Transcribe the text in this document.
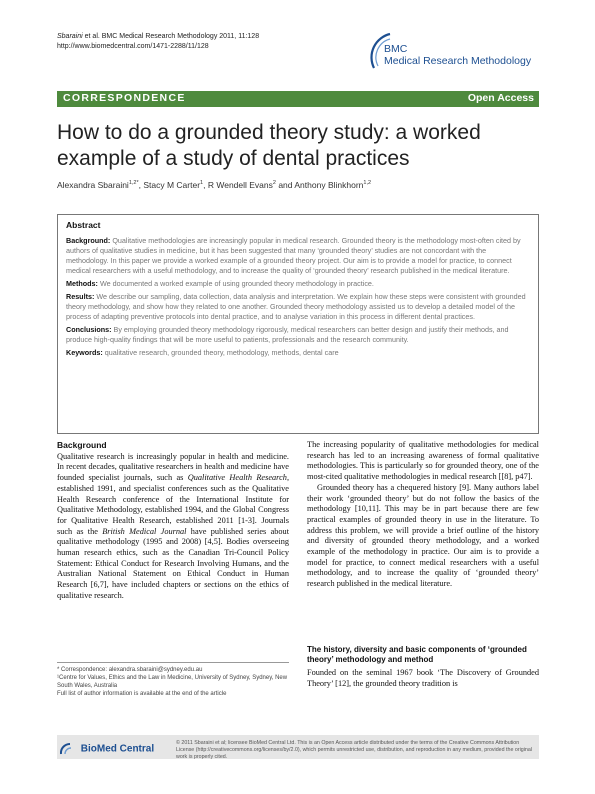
Sbaraini et al. BMC Medical Research Methodology 2011, 11:128
http://www.biomedcentral.com/1471-2288/11/128	BMC
Medical Research Methodology
CORRESPONDENCE	Open Access
How to do a grounded theory study: a worked example of a study of dental practices
Alexandra Sbaraini$^{1,2*}$, Stacy M Carter$^1$, R Wendell Evans$^2$ and Anthony Blinkhorn$^{1,2}$
Abstract

Background: Qualitative methodologies are increasingly popular in medical research. Grounded theory is the methodology most-often cited by authors of qualitative studies in medicine, but it has been suggested that many ‘grounded theory’ studies are not concordant with the methodology. In this paper we provide a worked example of a grounded theory project. Our aim is to provide a model for practice, to connect medical researchers with a useful methodology, and to increase the quality of ‘grounded theory’ research published in the medical literature.

Methods: We documented a worked example of using grounded theory methodology in practice.

Results: We describe our sampling, data collection, data analysis and interpretation. We explain how these steps were consistent with grounded theory methodology, and show how they related to one another. Grounded theory methodology assisted us to develop a detailed model of the process of adapting preventive protocols into dental practice, and to analyse variation in this process in different dental practices.

Conclusions: By employing grounded theory methodology rigorously, medical researchers can better design and justify their methods, and produce high-quality findings that will be more useful to patients, professionals and the research community.

Keywords: qualitative research, grounded theory, methodology, methods, dental care

Background

Qualitative research is increasingly popular in health and medicine. In recent decades, qualitative researchers in health and medicine have founded specialist journals, such as Qualitative Health Research, established 1991, and specialist conferences such as the Qualitative Health Research conference of the International Institute for Qualitative Methodology, established 1994, and the Global Congress for Qualitative Health Research, established 2011 [1-3]. Journals such as the British Medical Journal have published series about qualitative methodology (1995 and 2008) [4,5]. Bodies overseeing human research ethics, such as the Canadian Tri-Council Policy Statement: Ethical Conduct for Research Involving Humans, and the Australian National Statement on Ethical Conduct in Human Research [6,7], have included chapters or sections on the ethics of qualitative research.

The increasing popularity of qualitative methodologies for medical research has led to an increasing awareness of formal qualitative methodologies. This is particularly so for grounded theory, one of the most-cited qualitative methodologies in medical research [[8], p47].

Grounded theory has a chequered history [9]. Many authors label their work ‘grounded theory’ but do not follow the basics of the methodology [10,11]. This may be in part because there are few practical examples of grounded theory in use in the literature. To address this problem, we will provide a brief outline of the history and diversity of grounded theory methodology, and a worked example of the methodology in practice. Our aim is to provide a model for practice, to connect medical researchers with a useful methodology, and to increase the quality of ‘grounded theory’ research published in the medical literature.

The history, diversity and basic components of ‘grounded theory’ methodology and method
Founded on the seminal 1967 book ‘The Discovery of Grounded Theory’ [12], the grounded theory tradition is
* Correspondence: alexandra.sbaraini@sydney.edu.au
¹Centre for Values, Ethics and the Law in Medicine, University of Sydney, Sydney, New South Wales, Australia
Full list of author information is available at the end of the article
BioMed Central
© 2011 Sbaraini et al; licensee BioMed Central Ltd. This is an Open Access article distributed under the terms of the Creative Commons Attribution License (http://creativecommons.org/licenses/by/2.0), which permits unrestricted use, distribution, and reproduction in any medium, provided the original work is properly cited.
